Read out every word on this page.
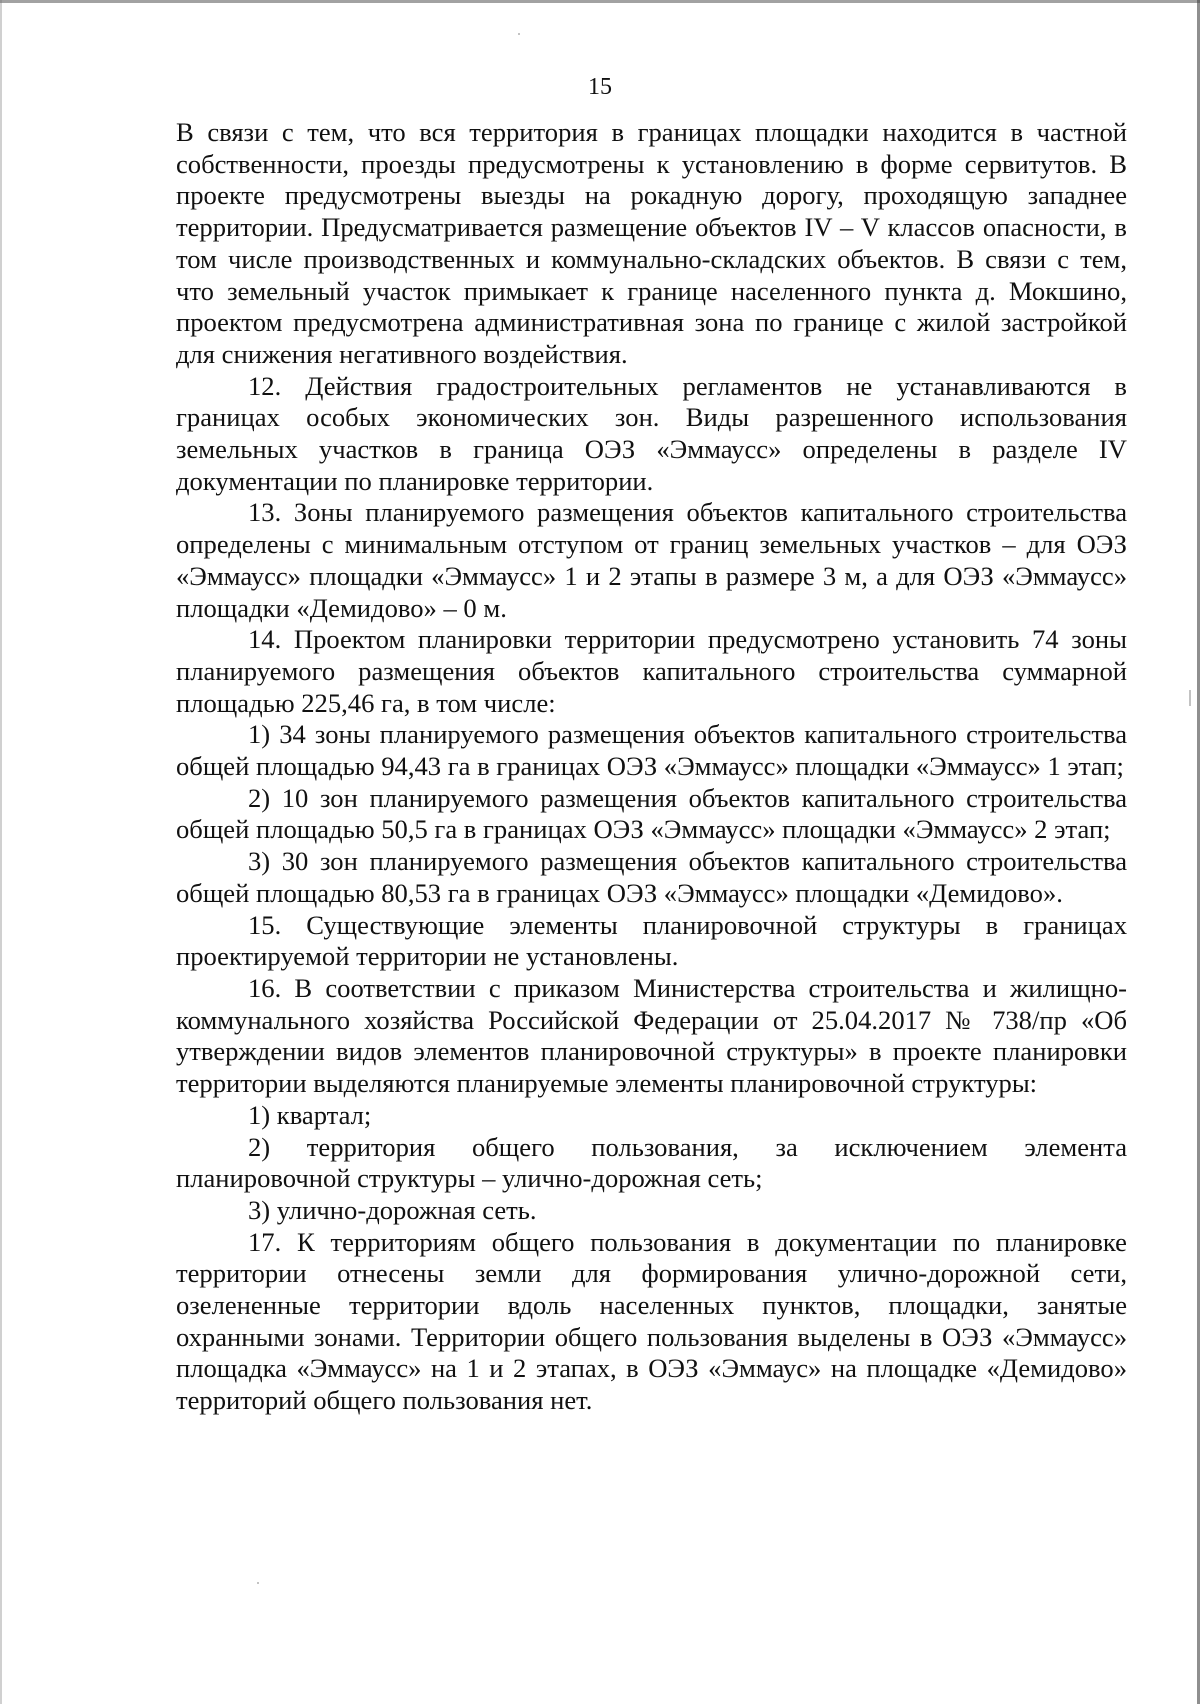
15

В связи с тем, что вся территория в границах площадки находится в частной собственности, проезды предусмотрены к установлению в форме сервитутов. В проекте предусмотрены выезды на рокадную дорогу, проходящую западнее территории. Предусматривается размещение объектов IV – V классов опасности, в том числе производственных и коммунально-складских объектов. В связи с тем, что земельный участок примыкает к границе населенного пункта д. Мокшино, проектом предусмотрена административная зона по границе с жилой застройкой для снижения негативного воздействия.

12. Действия градостроительных регламентов не устанавливаются в границах особых экономических зон. Виды разрешенного использования земельных участков в граница ОЭЗ «Эммаусс» определены в разделе IV документации по планировке территории.

13. Зоны планируемого размещения объектов капитального строительства определены с минимальным отступом от границ земельных участков – для ОЭЗ «Эммаусс» площадки «Эммаусс» 1 и 2 этапы в размере 3 м, а для ОЭЗ «Эммаусс» площадки «Демидово» – 0 м.

14. Проектом планировки территории предусмотрено установить 74 зоны планируемого размещения объектов капитального строительства суммарной площадью 225,46 га, в том числе:

1) 34 зоны планируемого размещения объектов капитального строительства общей площадью 94,43 га в границах ОЭЗ «Эммаусс» площадки «Эммаусс» 1 этап;

2) 10 зон планируемого размещения объектов капитального строительства общей площадью 50,5 га в границах ОЭЗ «Эммаусс» площадки «Эммаусс» 2 этап;

3) 30 зон планируемого размещения объектов капитального строительства общей площадью 80,53 га в границах ОЭЗ «Эммаусс» площадки «Демидово».

15. Существующие элементы планировочной структуры в границах проектируемой территории не установлены.

16. В соответствии с приказом Министерства строительства и жилищно-коммунального хозяйства Российской Федерации от 25.04.2017 № 738/пр «Об утверждении видов элементов планировочной структуры» в проекте планировки территории выделяются планируемые элементы планировочной структуры:

1) квартал;

2) территория общего пользования, за исключением элемента планировочной структуры – улично-дорожная сеть;

3) улично-дорожная сеть.

17. К территориям общего пользования в документации по планировке территории отнесены земли для формирования улично-дорожной сети, озелененные территории вдоль населенных пунктов, площадки, занятые охранными зонами. Территории общего пользования выделены в ОЭЗ «Эммаусс» площадка «Эммаусс» на 1 и 2 этапах, в ОЭЗ «Эммаус» на площадке «Демидово» территорий общего пользования нет.
